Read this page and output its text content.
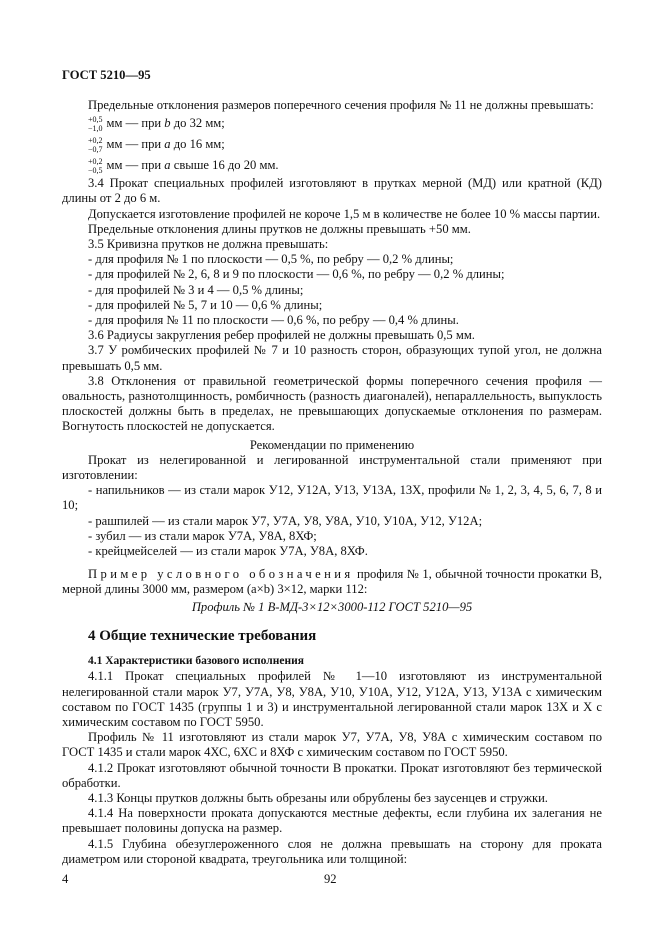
ГОСТ 5210—95

Предельные отклонения размеров поперечного сечения профиля № 11 не должны превышать:

+0,5
−1,0 мм — при b до 32 мм;
+0,2
−0,7 мм — при a до 16 мм;
+0,2
−0,5 мм — при a свыше 16 до 20 мм.

3.4 Прокат специальных профилей изготовляют в прутках мерной (МД) или кратной (КД) длины от 2 до 6 м.

Допускается изготовление профилей не короче 1,5 м в количестве не более 10 % массы партии.

Предельные отклонения длины прутков не должны превышать +50 мм.

3.5 Кривизна прутков не должна превышать:

- для профиля № 1 по плоскости — 0,5 %, по ребру — 0,2 % длины;

- для профилей № 2, 6, 8 и 9 по плоскости — 0,6 %, по ребру — 0,2 % длины;

- для профилей № 3 и 4 — 0,5 % длины;

- для профилей № 5, 7 и 10 — 0,6 % длины;

- для профиля № 11 по плоскости — 0,6 %, по ребру — 0,4 % длины.

3.6 Радиусы закругления ребер профилей не должны превышать 0,5 мм.

3.7 У ромбических профилей № 7 и 10 разность сторон, образующих тупой угол, не должна превышать 0,5 мм.

3.8 Отклонения от правильной геометрической формы поперечного сечения профиля — овальность, разнотолщинность, ромбичность (разность диагоналей), непараллельность, выпуклость плоскостей должны быть в пределах, не превышающих допускаемые отклонения по размерам. Вогнутость плоскостей не допускается.

Рекомендации по применению

Прокат из нелегированной и легированной инструментальной стали применяют при изготовлении:

- напильников — из стали марок У12, У12А, У13, У13А, 13Х, профили № 1, 2, 3, 4, 5, 6, 7, 8 и 10;

- рашпилей — из стали марок У7, У7А, У8, У8А, У10, У10А, У12, У12А;

- зубил — из стали марок У7А, У8А, 8ХФ;

- крейцмейселей — из стали марок У7А, У8А, 8ХФ.

Пример условного обозначения профиля № 1, обычной точности прокатки В, мерной длины 3000 мм, размером (a×b) 3×12, марки 112:

Профиль № 1 В-МД-3×12×3000-112 ГОСТ 5210—95

4 Общие технические требования

4.1 Характеристики базового исполнения

4.1.1 Прокат специальных профилей № 1—10 изготовляют из инструментальной нелегированной стали марок У7, У7А, У8, У8А, У10, У10А, У12, У12А, У13, У13А с химическим составом по ГОСТ 1435 (группы 1 и 3) и инструментальной легированной стали марок 13Х и Х с химическим составом по ГОСТ 5950.

Профиль № 11 изготовляют из стали марок У7, У7А, У8, У8А с химическим составом по ГОСТ 1435 и стали марок 4ХС, 6ХС и 8ХФ с химическим составом по ГОСТ 5950.

4.1.2 Прокат изготовляют обычной точности В прокатки. Прокат изготовляют без термической обработки.

4.1.3 Концы прутков должны быть обрезаны или обрублены без заусенцев и стружки.

4.1.4 На поверхности проката допускаются местные дефекты, если глубина их залегания не превышает половины допуска на размер.

4.1.5 Глубина обезуглероженного слоя не должна превышать на сторону для проката диаметром или стороной квадрата, треугольника или толщиной:

4	92
